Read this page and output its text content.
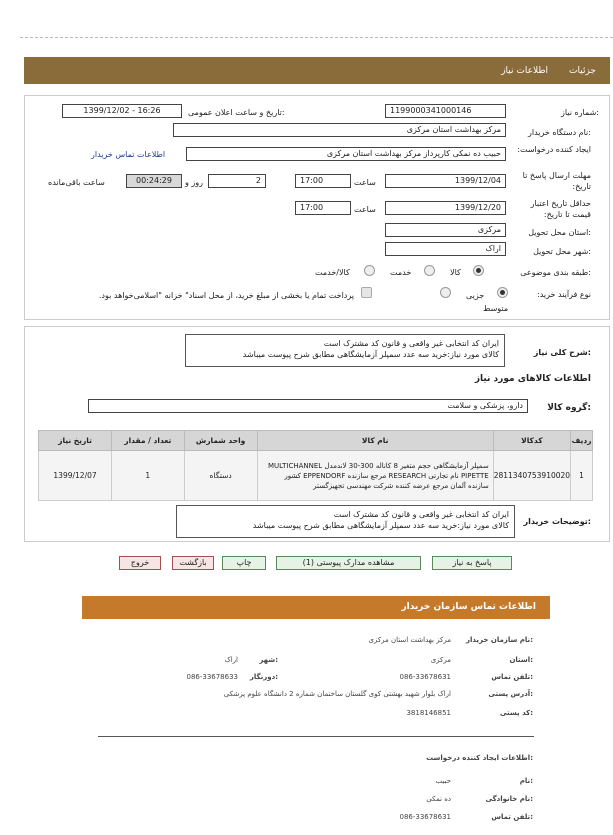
جزئیات
اطلاعات نیاز
شماره نیاز:
1199000341000146
تاریخ و ساعت اعلان عمومی:
1399/12/02 - 16:26
نام دستگاه خریدار:
مرکز بهداشت استان مرکزی
ایجاد کننده درخواست:
حبیب ده نمکی کارپرداز مرکز بهداشت استان مرکزی
اطلاعات تماس خریدار
مهلت ارسال پاسخ تا تاریخ:
1399/12/04
ساعت
17:00
2
روز و
00:24:29
ساعت باقی‌مانده
حداقل تاریخ اعتبار قیمت تا تاریخ:
1399/12/20
ساعت
17:00
استان محل تحویل:
مرکزی
شهر محل تحویل:
اراک
طبقه بندی موضوعی:
کالا
خدمت
کالا/خدمت
نوع فرآیند خرید:
جزیی
متوسط
پرداخت تمام یا بخشی از مبلغ خرید، از محل اسناد" خزانه "اسلامی‌خواهد بود.
شرح کلی نیاز:
ایران کد انتخابی غیر واقعی و قانون کد مشترک است
کالای مورد نیاز:خرید سه عدد سمپلر آزمایشگاهی مطابق شرح پیوست میباشد
اطلاعات کالاهای مورد نیاز
گروه کالا:
دارو، پزشکی و سلامت
ردیف	کدکالا	نام کالا	واحد شمارش	تعداد / مقدار	تاریخ نیاز
1	2811340753910020	سمپلر آزمایشگاهی حجم متغیر 8 کاناله 300-30 لاندمدل MULTICHANNEL PIPETTE نام تجارتی RESEARCH مرجع سازنده EPPENDORF کشور سازنده آلمان مرجع عرضه کننده شرکت مهندسی تجهیزگستر	دستگاه	1	1399/12/07
توضیحات خریدار:
ایران کد انتخابی غیر واقعی و قانون کد مشترک است
کالای مورد نیاز:خرید سه عدد سمپلر آزمایشگاهی مطابق شرح پیوست میباشد
پاسخ به نیاز
مشاهده مدارک پیوستی (1)
چاپ
بازگشت
خروج
اطلاعات تماس سازمان خریدار
نام سازمان خریدار:
مرکز بهداشت استان مرکزی
استان:
مرکزی
شهر:
اراک
تلفن تماس:
086-33678631
دورنگار:
086-33678633
آدرس پستی:
اراک بلوار شهید بهشتی کوی گلستان ساختمان شماره 2 دانشگاه علوم پزشکی
کد پستی:
3818146851
اطلاعات ایجاد کننده درخواست:
نام:
حبیب
نام خانوادگی:
ده نمکی
تلفن تماس:
086-33678631
